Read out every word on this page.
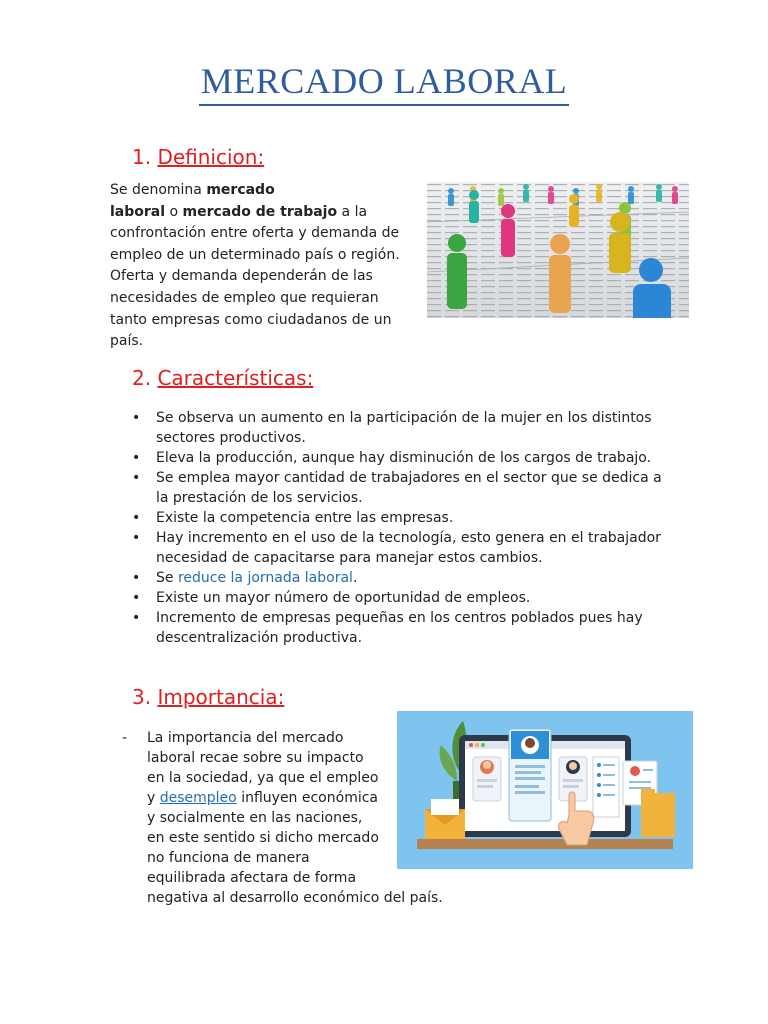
MERCADO LABORAL
1. Definicion:
Se denomina mercado
laboral o mercado de trabajo a la
confrontación entre oferta y demanda de
empleo de un determinado país o región.
Oferta y demanda dependerán de las
necesidades de empleo que requieran
tanto empresas como ciudadanos de un
país.
2. Características:
• Se observa un aumento en la participación de la mujer en los distintos sectores productivos.
• Eleva la producción, aunque hay disminución de los cargos de trabajo.
• Se emplea mayor cantidad de trabajadores en el sector que se dedica a la prestación de los servicios.
• Existe la competencia entre las empresas.
• Hay incremento en el uso de la tecnología, esto genera en el trabajador necesidad de capacitarse para manejar estos cambios.
• Se reduce la jornada laboral.
• Existe un mayor número de oportunidad de empleos.
• Incremento de empresas pequeñas en los centros poblados pues hay descentralización productiva.
3. Importancia:
- La importancia del mercado
laboral recae sobre su impacto
en la sociedad, ya que el empleo
y desempleo influyen económica
y socialmente en las naciones,
en este sentido si dicho mercado
no funciona de manera
equilibrada afectara de forma
negativa al desarrollo económico del país.
